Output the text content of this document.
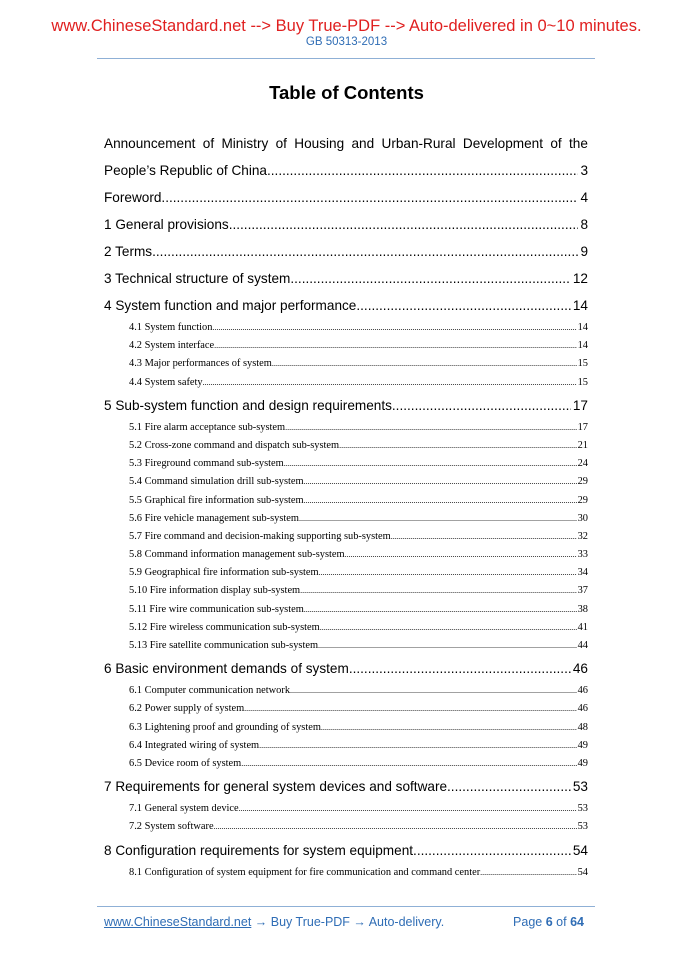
www.ChineseStandard.net --> Buy True-PDF --> Auto-delivered in 0~10 minutes.
GB 50313-2013
Table of Contents
Announcement of Ministry of Housing and Urban-Rural Development of the
People’s Republic of China .....	3
Foreword .....	4
1 General provisions .....	8
2 Terms .....	9
3 Technical structure of system .....	12
4 System function and major performance .....	14
4.1 System function .....	14
4.2 System interface .....	14
4.3 Major performances of system .....	15
4.4 System safety .....	15
5 Sub-system function and design requirements .....	17
5.1 Fire alarm acceptance sub-system .....	17
5.2 Cross-zone command and dispatch sub-system .....	21
5.3 Fireground command sub-system .....	24
5.4 Command simulation drill sub-system .....	29
5.5 Graphical fire information sub-system .....	29
5.6 Fire vehicle management sub-system .....	30
5.7 Fire command and decision-making supporting sub-system .....	32
5.8 Command information management sub-system .....	33
5.9 Geographical fire information sub-system .....	34
5.10 Fire information display sub-system .....	37
5.11 Fire wire communication sub-system .....	38
5.12 Fire wireless communication sub-system .....	41
5.13 Fire satellite communication sub-system .....	44
6 Basic environment demands of system .....	46
6.1 Computer communication network .....	46
6.2 Power supply of system .....	46
6.3 Lightening proof and grounding of system .....	48
6.4 Integrated wiring of system .....	49
6.5 Device room of system .....	49
7 Requirements for general system devices and software .....	53
7.1 General system device .....	53
7.2 System software .....	53
8 Configuration requirements for system equipment .....	54
8.1 Configuration of system equipment for fire communication and command center .....	54
www.ChineseStandard.net → Buy True-PDF → Auto-delivery.	Page 6 of 64
